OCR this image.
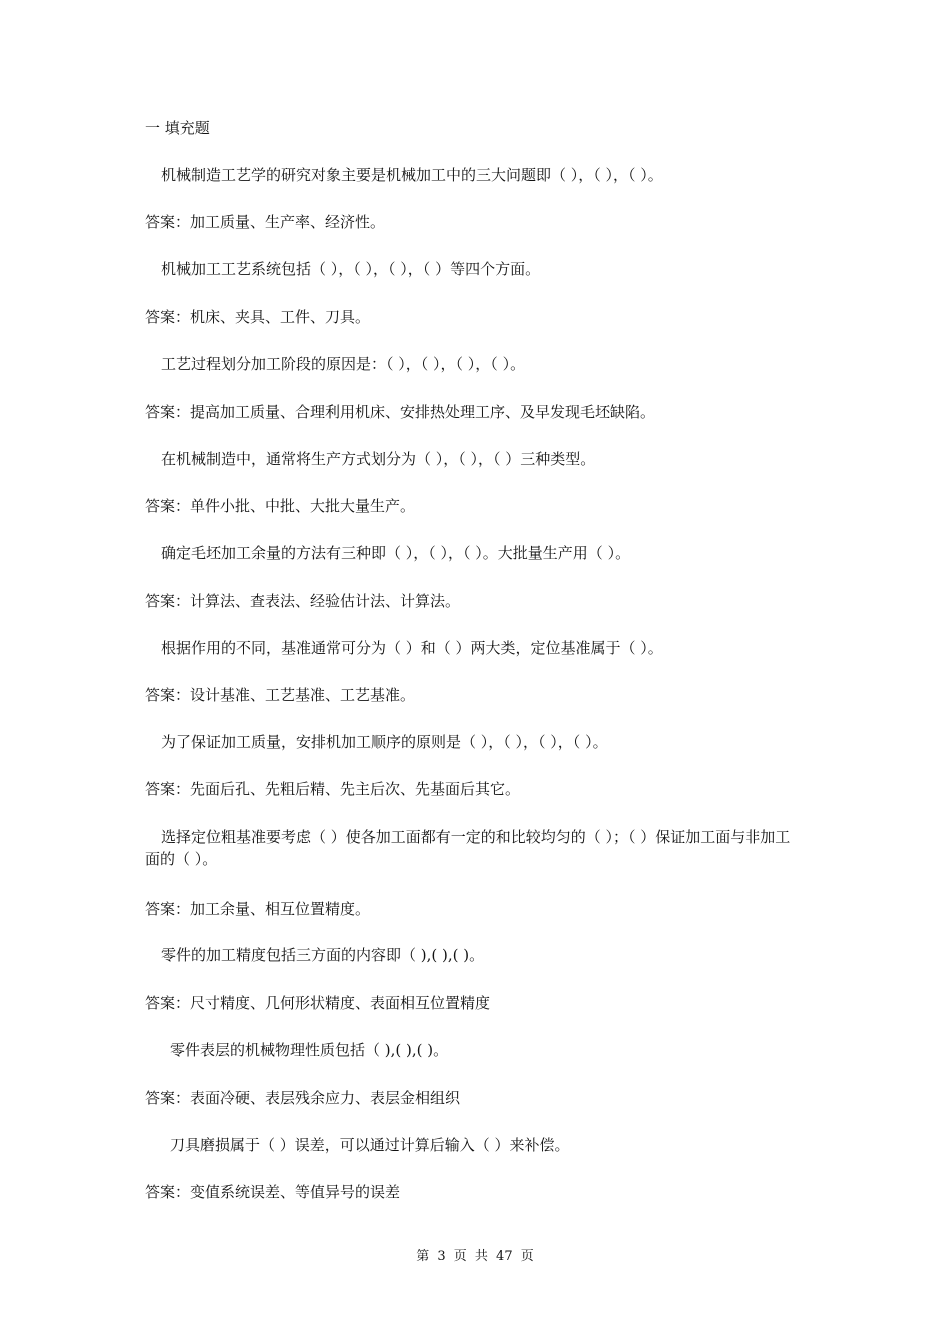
一 填充题
机械制造工艺学的研究对象主要是机械加工中的三大问题即（ ），（ ），（ ）。
答案：加工质量、生产率、经济性。
机械加工工艺系统包括（ ），（ ），（ ），（ ）等四个方面。
答案：机床、夹具、工件、刀具。
工艺过程划分加工阶段的原因是：（ ），（ ），（ ），（ ）。
答案：提高加工质量、合理利用机床、安排热处理工序、及早发现毛坯缺陷。
在机械制造中，通常将生产方式划分为（ ），（ ），（ ）三种类型。
答案：单件小批、中批、大批大量生产。
确定毛坯加工余量的方法有三种即（ ），（ ），（ ）。大批量生产用（ ）。
答案：计算法、查表法、经验估计法、计算法。
根据作用的不同，基准通常可分为（ ）和（ ）两大类，定位基准属于（ ）。
答案：设计基准、工艺基准、工艺基准。
为了保证加工质量，安排机加工顺序的原则是（ ），（ ），（ ），（ ）。
答案：先面后孔、先粗后精、先主后次、先基面后其它。
选择定位粗基准要考虑（ ）使各加工面都有一定的和比较均匀的（ ）；（ ）保证加工面与非加工面的（ ）。
答案：加工余量、相互位置精度。
零件的加工精度包括三方面的内容即（ ),( ),( )。
答案：尺寸精度、几何形状精度、表面相互位置精度
零件表层的机械物理性质包括（ ),( ),( )。
答案：表面冷硬、表层残余应力、表层金相组织
刀具磨损属于（ ）误差，可以通过计算后输入（ ）来补偿。
答案：变值系统误差、等值异号的误差
第 3 页 共 47 页
